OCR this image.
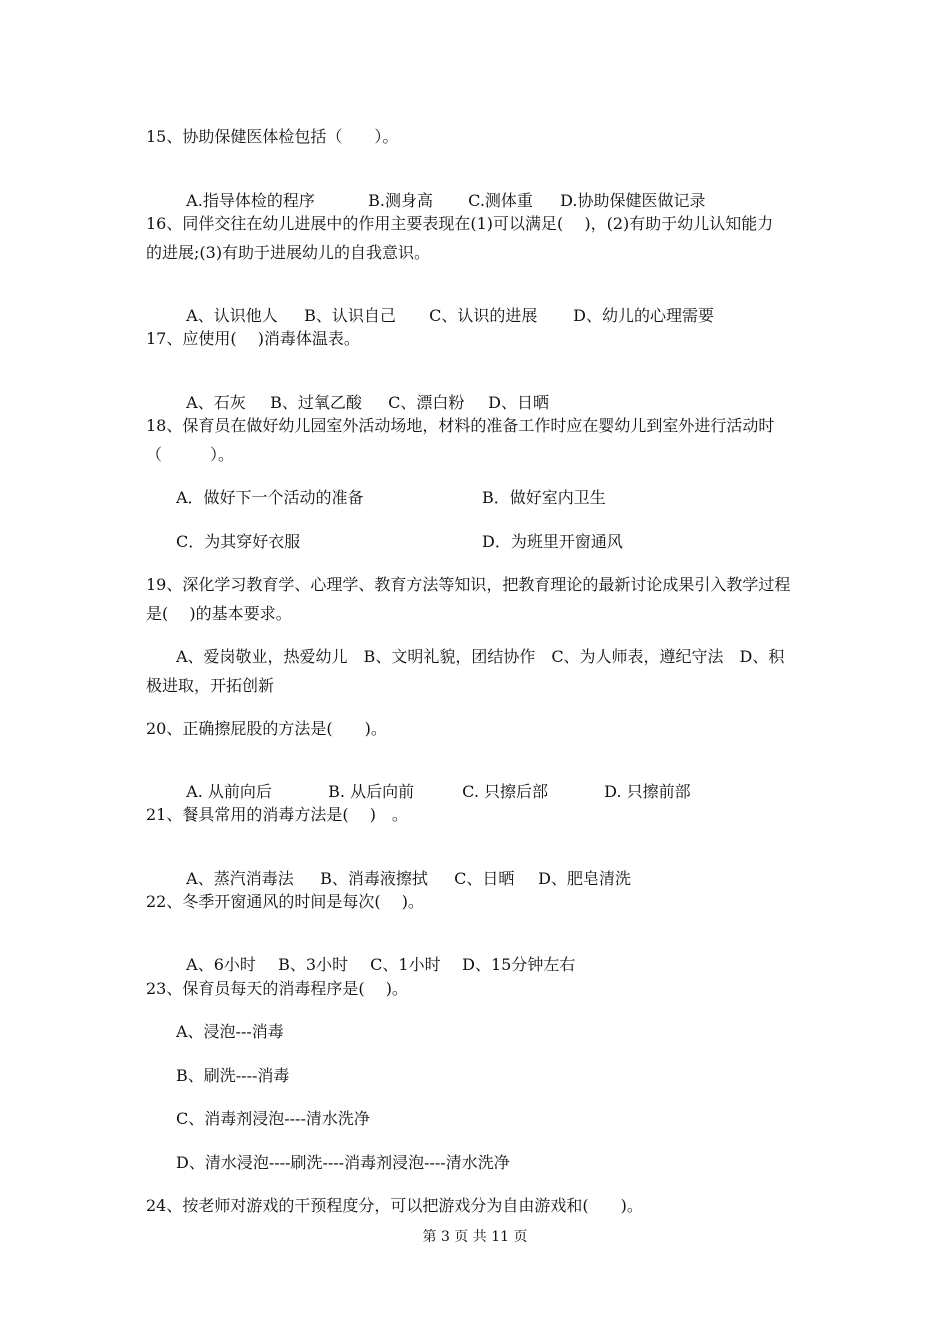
15、协助保健医体检包括（　　）。

A.指导体检的程序	B.测身高 C.测体重 D.协助保健医做记录

16、同伴交往在幼儿进展中的作用主要表现在(1)可以满足(　 )，(2)有助于幼儿认知能力
的进展;(3)有助于进展幼儿的自我意识。

A、认识他人 B、认识自己 C、认识的进展 D、幼儿的心理需要

17、应使用(　 )消毒体温表。

A、石灰 B、过氧乙酸 C、漂白粉 D、日晒

18、保育员在做好幼儿园室外活动场地，材料的准备工作时应在婴幼儿到室外进行活动时
（　　　）。
A．做好下一个活动的准备	B．做好室内卫生
C．为其穿好衣服	D．为班里开窗通风
19、深化学习教育学、心理学、教育方法等知识，把教育理论的最新讨论成果引入教学过程
是(　 )的基本要求。
A、爱岗敬业，热爱幼儿　B、文明礼貌，团结协作　C、为人师表，遵纪守法　D、积
极进取，开拓创新
20、正确擦屁股的方法是(　　)。

A. 从前向后	B. 从后向前	C. 只擦后部	D. 只擦前部

21、餐具常用的消毒方法是(　 )　。

A、蒸汽消毒法 B、消毒液擦拭 C、日晒 D、肥皂清洗

22、冬季开窗通风的时间是每次(　 )。

A、6小时 B、3小时 C、1小时 D、15分钟左右

23、保育员每天的消毒程序是(　 )。
A、浸泡---消毒
B、刷洗----消毒
C、消毒剂浸泡----清水洗净
D、清水浸泡----刷洗----消毒剂浸泡----清水洗净
24、按老师对游戏的干预程度分，可以把游戏分为自由游戏和(　　)。
第 3 页 共 11 页
